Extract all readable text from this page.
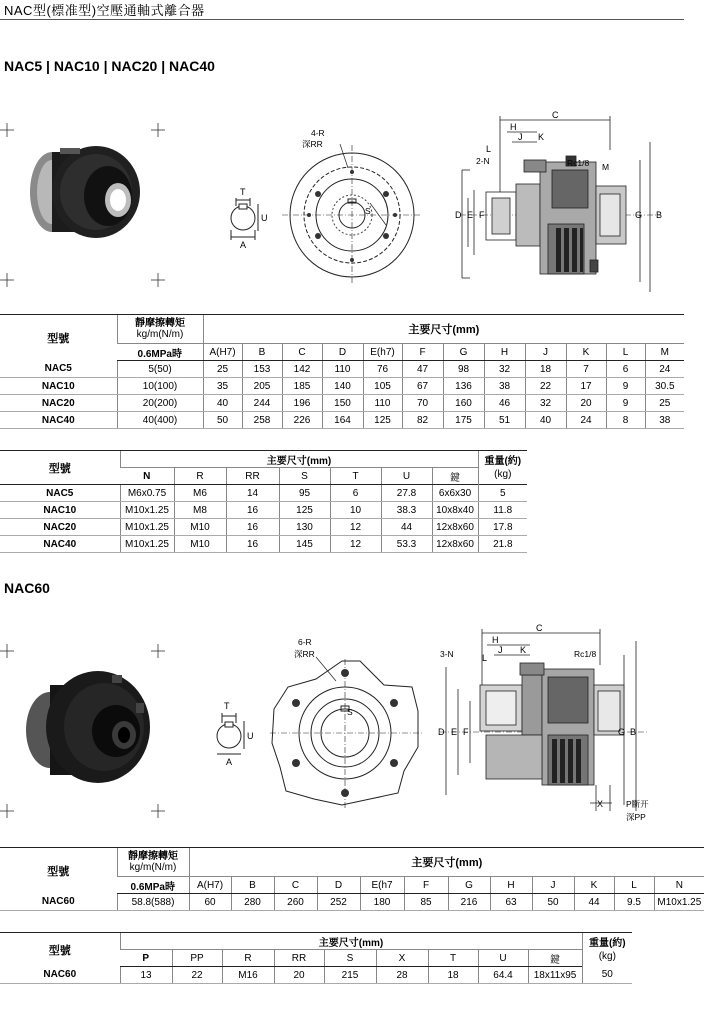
NAC型(標准型)空壓通軸式離合器
NAC5 | NAC10 | NAC20 | NAC40
T
U
A
4-R
深RR
S
C
H
J K
L
Rc1/8 M
2-N
D E F	G B
型號	靜摩擦轉矩
kg/m(N/m)	主要尺寸(mm)											
	0.6MPa時	A(H7)	B	C	D	E(h7)	F	G	H	J	K	L	M
NAC5	5(50)	25	153	142	110	76	47	98	32	18	7	6	24
NAC10	10(100)	35	205	185	140	105	67	136	38	22	17	9	30.5
NAC20	20(200)	40	244	196	150	110	70	160	46	32	20	9	25
NAC40	40(400)	50	258	226	164	125	82	175	51	40	24	8	38
型號	主要尺寸(mm)							重量(約)
(kg)
	N	R	RR	S	T	U	鍵	
NAC5	M6x0.75	M6	14	95	6	27.8	6x6x30	5
NAC10	M10x1.25	M8	16	125	10	38.3	10x8x40	11.8
NAC20	M10x1.25	M10	16	130	12	44	12x8x60	17.8
NAC40	M10x1.25	M10	16	145	12	53.3	12x8x60	21.8
NAC60
T
U
A
6-R
深RR
S
C
H
J K
L	Rc1/8
3-N
D E F	G B
X	P斷开
深PP
型號	靜摩擦轉矩
kg/m(N/m)	主要尺寸(mm)											
	0.6MPa時	A(H7)	B	C	D	E(h7	F	G	H	J	K	L	N
NAC60	58.8(588)	60	280	260	252	180	85	216	63	50	44	9.5	M10x1.25
型號	主要尺寸(mm)									重量(約)
(kg)
	P	PP	R	RR	S	X	T	U	鍵	
NAC60	13	22	M16	20	215	28	18	64.4	18x11x95	50
